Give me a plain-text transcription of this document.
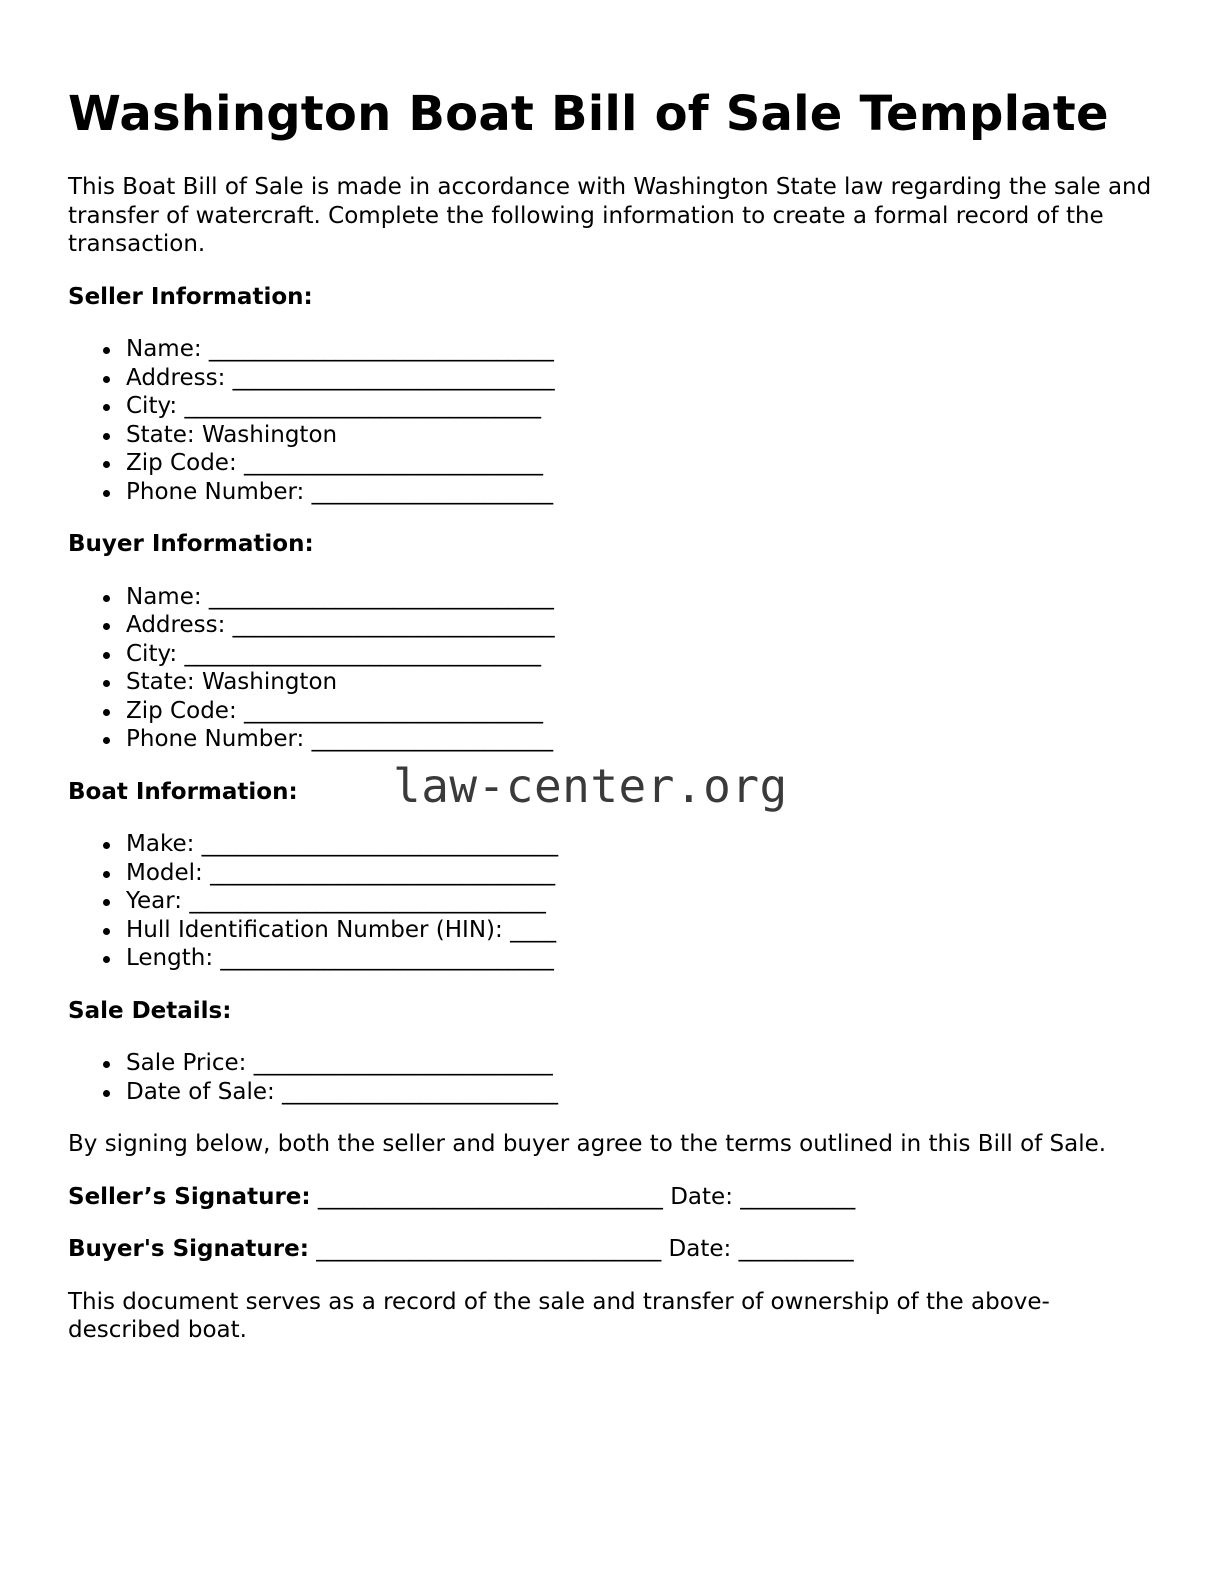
Washington Boat Bill of Sale Template

This Boat Bill of Sale is made in accordance with Washington State law regarding the sale and transfer of watercraft. Complete the following information to create a formal record of the transaction.

Seller Information:
Name: ______________________________
Address: ____________________________
City: _______________________________
State: Washington
Zip Code: __________________________
Phone Number: _____________________
Buyer Information:
Name: ______________________________
Address: ____________________________
City: _______________________________
State: Washington
Zip Code: __________________________
Phone Number: _____________________
Boat Information:
Make: _______________________________
Model: ______________________________
Year: _______________________________
Hull Identification Number (HIN): ____
Length: _____________________________
Sale Details:
Sale Price: __________________________
Date of Sale: ________________________

By signing below, both the seller and buyer agree to the terms outlined in this Bill of Sale.

Seller’s Signature: ______________________________ Date: __________
Buyer's Signature: ______________________________ Date: __________

This document serves as a record of the sale and transfer of ownership of the above-described boat.

law-center.org
